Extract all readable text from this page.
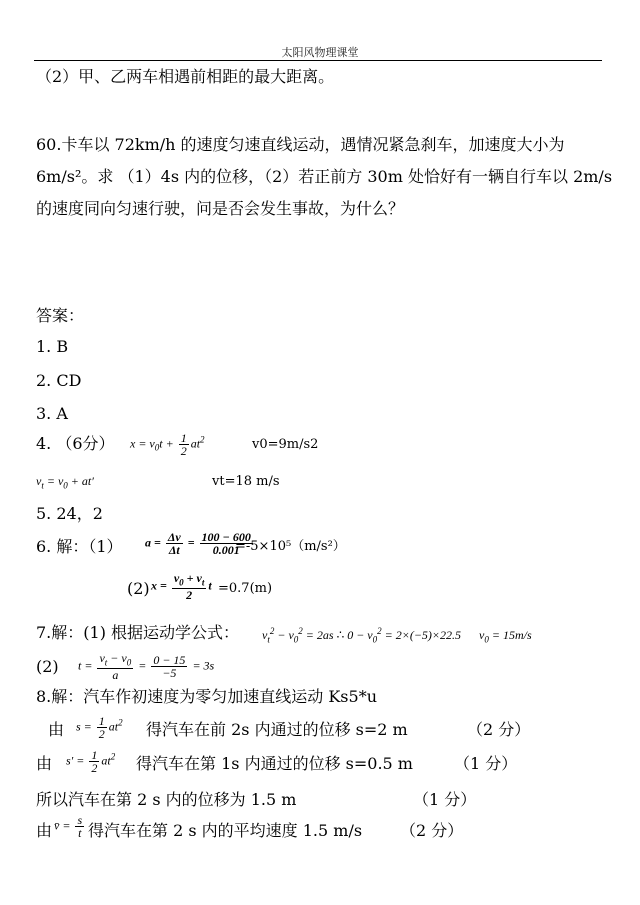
太阳风物理课堂
（2）甲、乙两车相遇前相距的最大距离。
60.卡车以 72km/h 的速度匀速直线运动，遇情况紧急刹车，加速度大小为
6m/s²。求 （1）4s 内的位移，（2）若正前方 30m 处恰好有一辆自行车以 2m/s
的速度同向匀速行驶，问是否会发生事故，为什么？
答案：
1. B
2. CD
3. A
4. （6分） $x = v_0t + \frac{1}{2} at^2$	v0=9m/s2
$v_t = v_0 + at'$	vt=18 m/s
5. 24，2
6. 解：（1） $a = \frac{\Delta v}{\Delta t} = \frac{100 - 600}{0.001}$
=-5×10⁵（m/s²）
(2) $x = \frac{v_0 + v_t}{2}$ t =0.7(m)
7.解：(1) 根据运动学公式： $v_t^2 - v_0^2 = 2as$ ∴ $0 - v_0^2 = 2\times(-5)\times 22.5$      $v_0 = 15m/s$
(2) $t = \frac{v_t - v_0}{a} = \frac{0 - 15}{-5} = 3s$
8.解：汽车作初速度为零匀加速直线运动 Ks5*u
由 $s = \frac{1}{2} at^2$ 得汽车在前 2s 内通过的位移 s=2 m	（2 分）
由 $s' = \frac{1}{2} at^2$ 得汽车在第 1s 内通过的位移 s=0.5 m	（1 分）
所以汽车在第 2 s 内的位移为 1.5 m	（1 分）
由 v̄ = $\frac{s}{t}$ 得汽车在第 2 s 内的平均速度 1.5 m/s （2 分）
